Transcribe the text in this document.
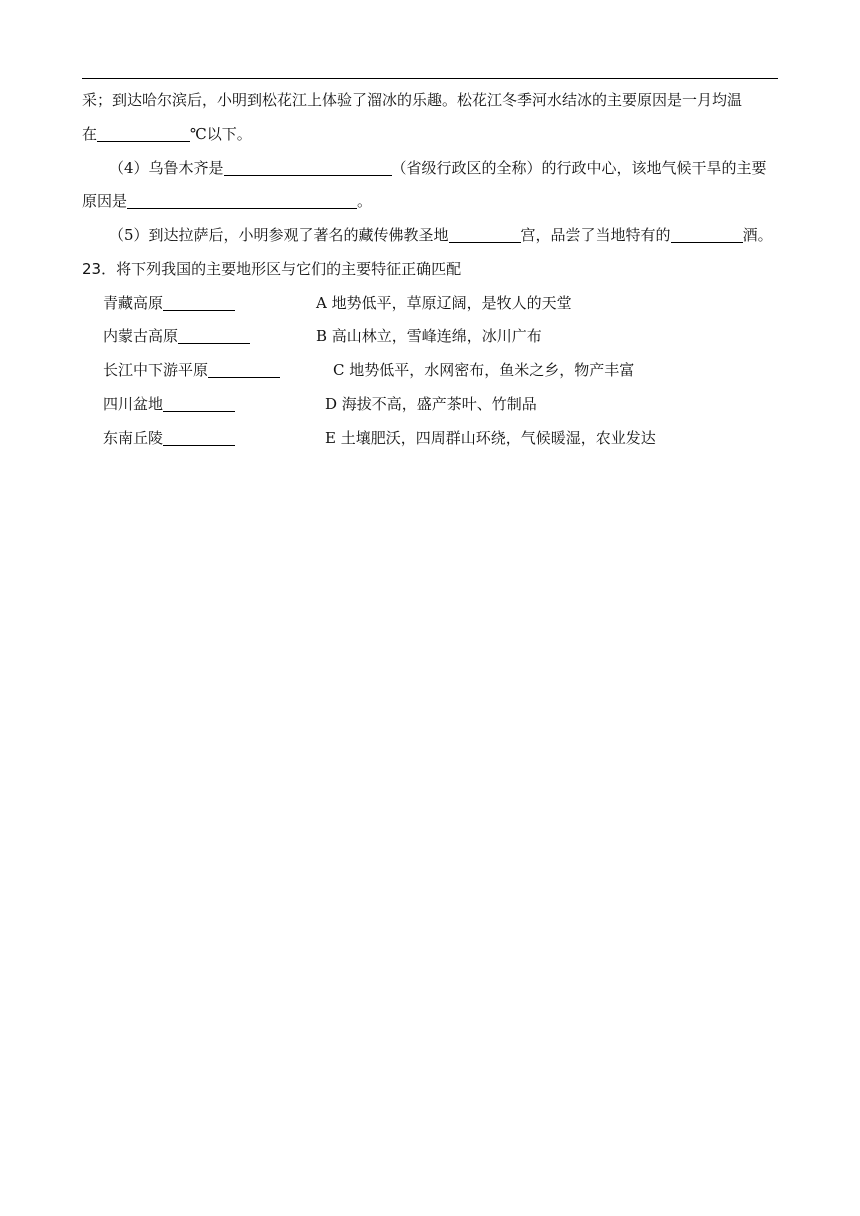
采；到达哈尔滨后，小明到松花江上体验了溜冰的乐趣。松花江冬季河水结冰的主要原因是一月均温
在	℃以下。
（4）乌鲁木齐是	（省级行政区的全称）的行政中心，该地气候干旱的主要
原因是	。
（5）到达拉萨后，小明参观了著名的藏传佛教圣地	宫，品尝了当地特有的	酒。
23．将下列我国的主要地形区与它们的主要特征正确匹配
青藏高原	A 地势低平，草原辽阔，是牧人的天堂
内蒙古高原	B 高山林立，雪峰连绵，冰川广布
长江中下游平原	C 地势低平，水网密布，鱼米之乡，物产丰富
四川盆地	D 海拔不高，盛产茶叶、竹制品
东南丘陵	E 土壤肥沃，四周群山环绕，气候暖湿，农业发达
